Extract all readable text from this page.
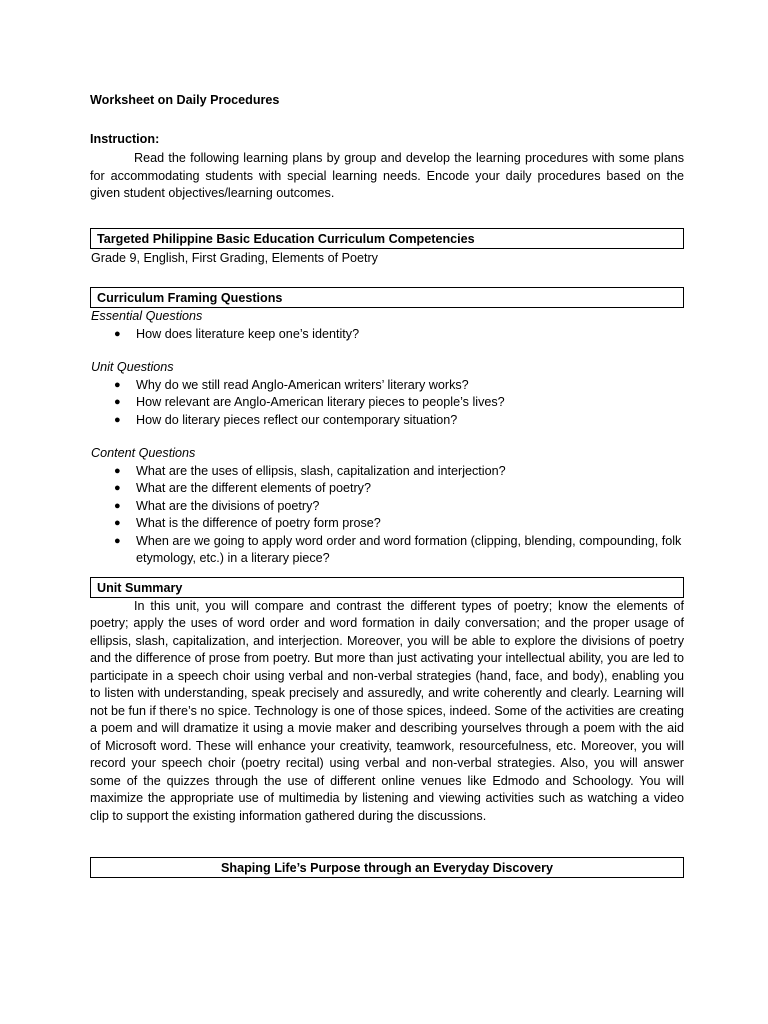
Worksheet on Daily Procedures

Instruction:

Read the following learning plans by group and develop the learning procedures with some plans for accommodating students with special learning needs. Encode your daily procedures based on the given student objectives/learning outcomes.

Targeted Philippine Basic Education Curriculum Competencies

Grade 9, English, First Grading, Elements of Poetry

Curriculum Framing Questions

Essential Questions

● How does literature keep one’s identity?

Unit Questions

● Why do we still read Anglo-American writers’ literary works?
● How relevant are Anglo-American literary pieces to people’s lives?
● How do literary pieces reflect our contemporary situation?

Content Questions

● What are the uses of ellipsis, slash, capitalization and interjection?
● What are the different elements of poetry?
● What are the divisions of poetry?
● What is the difference of poetry form prose?
● When are we going to apply word order and word formation (clipping, blending, compounding, folk etymology, etc.) in a literary piece?
Unit Summary

In this unit, you will compare and contrast the different types of poetry; know the elements of poetry; apply the uses of word order and word formation in daily conversation; and the proper usage of ellipsis, slash, capitalization, and interjection. Moreover, you will be able to explore the divisions of poetry and the difference of prose from poetry. But more than just activating your intellectual ability, you are led to participate in a speech choir using verbal and non-verbal strategies (hand, face, and body), enabling you to listen with understanding, speak precisely and assuredly, and write coherently and clearly. Learning will not be fun if there’s no spice. Technology is one of those spices, indeed. Some of the activities are creating a poem and will dramatize it using a movie maker and describing yourselves through a poem with the aid of Microsoft word. These will enhance your creativity, teamwork, resourcefulness, etc. Moreover, you will record your speech choir (poetry recital) using verbal and non-verbal strategies. Also, you will answer some of the quizzes through the use of different online venues like Edmodo and Schoology. You will maximize the appropriate use of multimedia by listening and viewing activities such as watching a video clip to support the existing information gathered during the discussions.

Shaping Life’s Purpose through an Everyday Discovery
